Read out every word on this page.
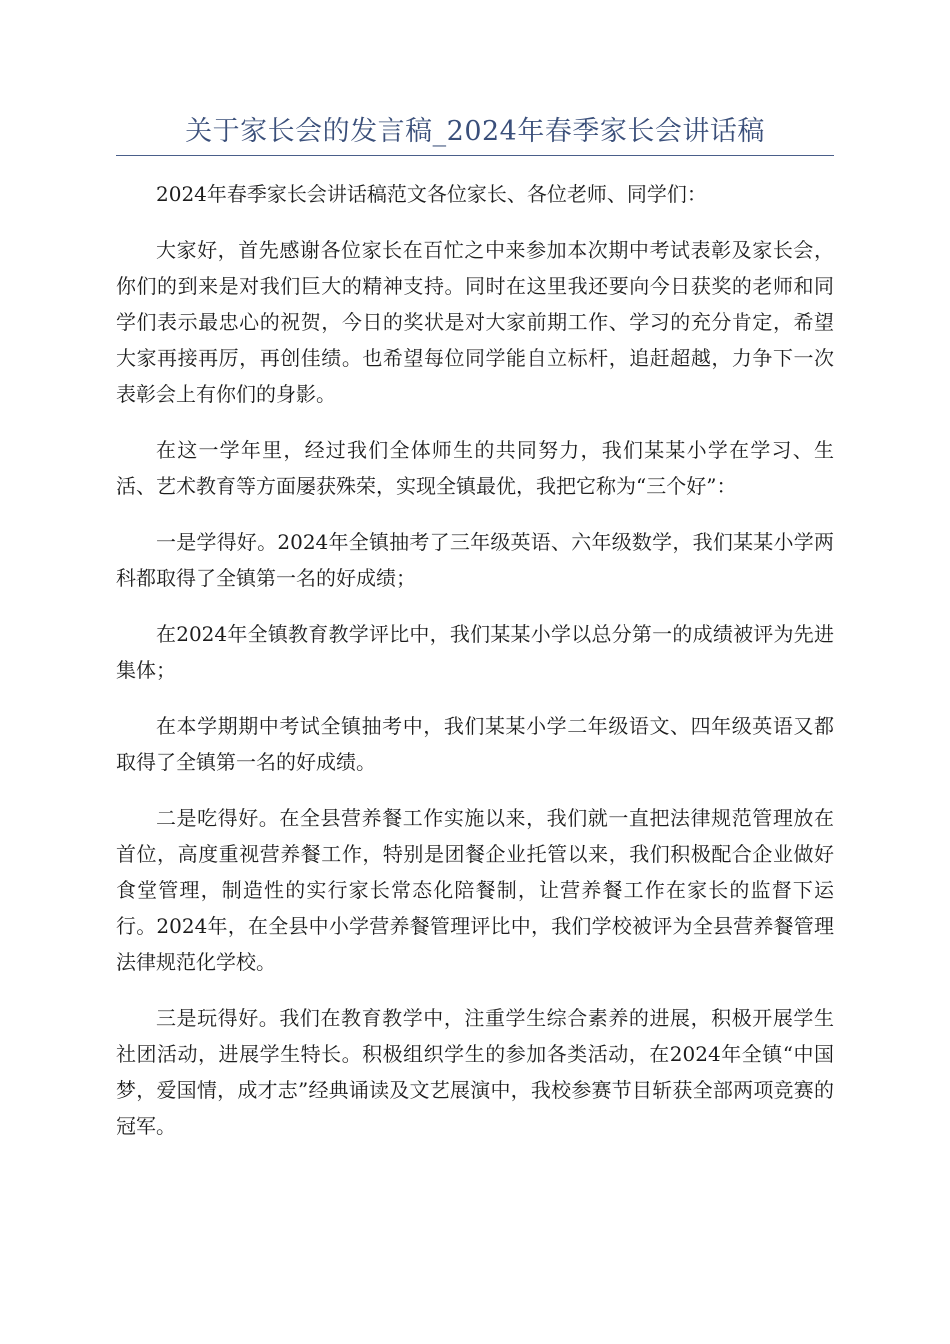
关于家长会的发言稿_2024年春季家长会讲话稿

2024年春季家长会讲话稿范文各位家长、各位老师、同学们：

大家好，首先感谢各位家长在百忙之中来参加本次期中考试表彰及家长会，你们的到来是对我们巨大的精神支持。同时在这里我还要向今日获奖的老师和同学们表示最忠心的祝贺，今日的奖状是对大家前期工作、学习的充分肯定，希望大家再接再厉，再创佳绩。也希望每位同学能自立标杆，追赶超越，力争下一次表彰会上有你们的身影。

在这一学年里，经过我们全体师生的共同努力，我们某某小学在学习、生活、艺术教育等方面屡获殊荣，实现全镇最优，我把它称为“三个好”：

一是学得好。2024年全镇抽考了三年级英语、六年级数学，我们某某小学两科都取得了全镇第一名的好成绩；

在2024年全镇教育教学评比中，我们某某小学以总分第一的成绩被评为先进集体；

在本学期期中考试全镇抽考中，我们某某小学二年级语文、四年级英语又都取得了全镇第一名的好成绩。

二是吃得好。在全县营养餐工作实施以来，我们就一直把法律规范管理放在首位，高度重视营养餐工作，特别是团餐企业托管以来，我们积极配合企业做好食堂管理，制造性的实行家长常态化陪餐制，让营养餐工作在家长的监督下运行。2024年，在全县中小学营养餐管理评比中，我们学校被评为全县营养餐管理法律规范化学校。

三是玩得好。我们在教育教学中，注重学生综合素养的进展，积极开展学生社团活动，进展学生特长。积极组织学生的参加各类活动，在2024年全镇“中国梦，爱国情，成才志”经典诵读及文艺展演中，我校参赛节目斩获全部两项竞赛的冠军。
